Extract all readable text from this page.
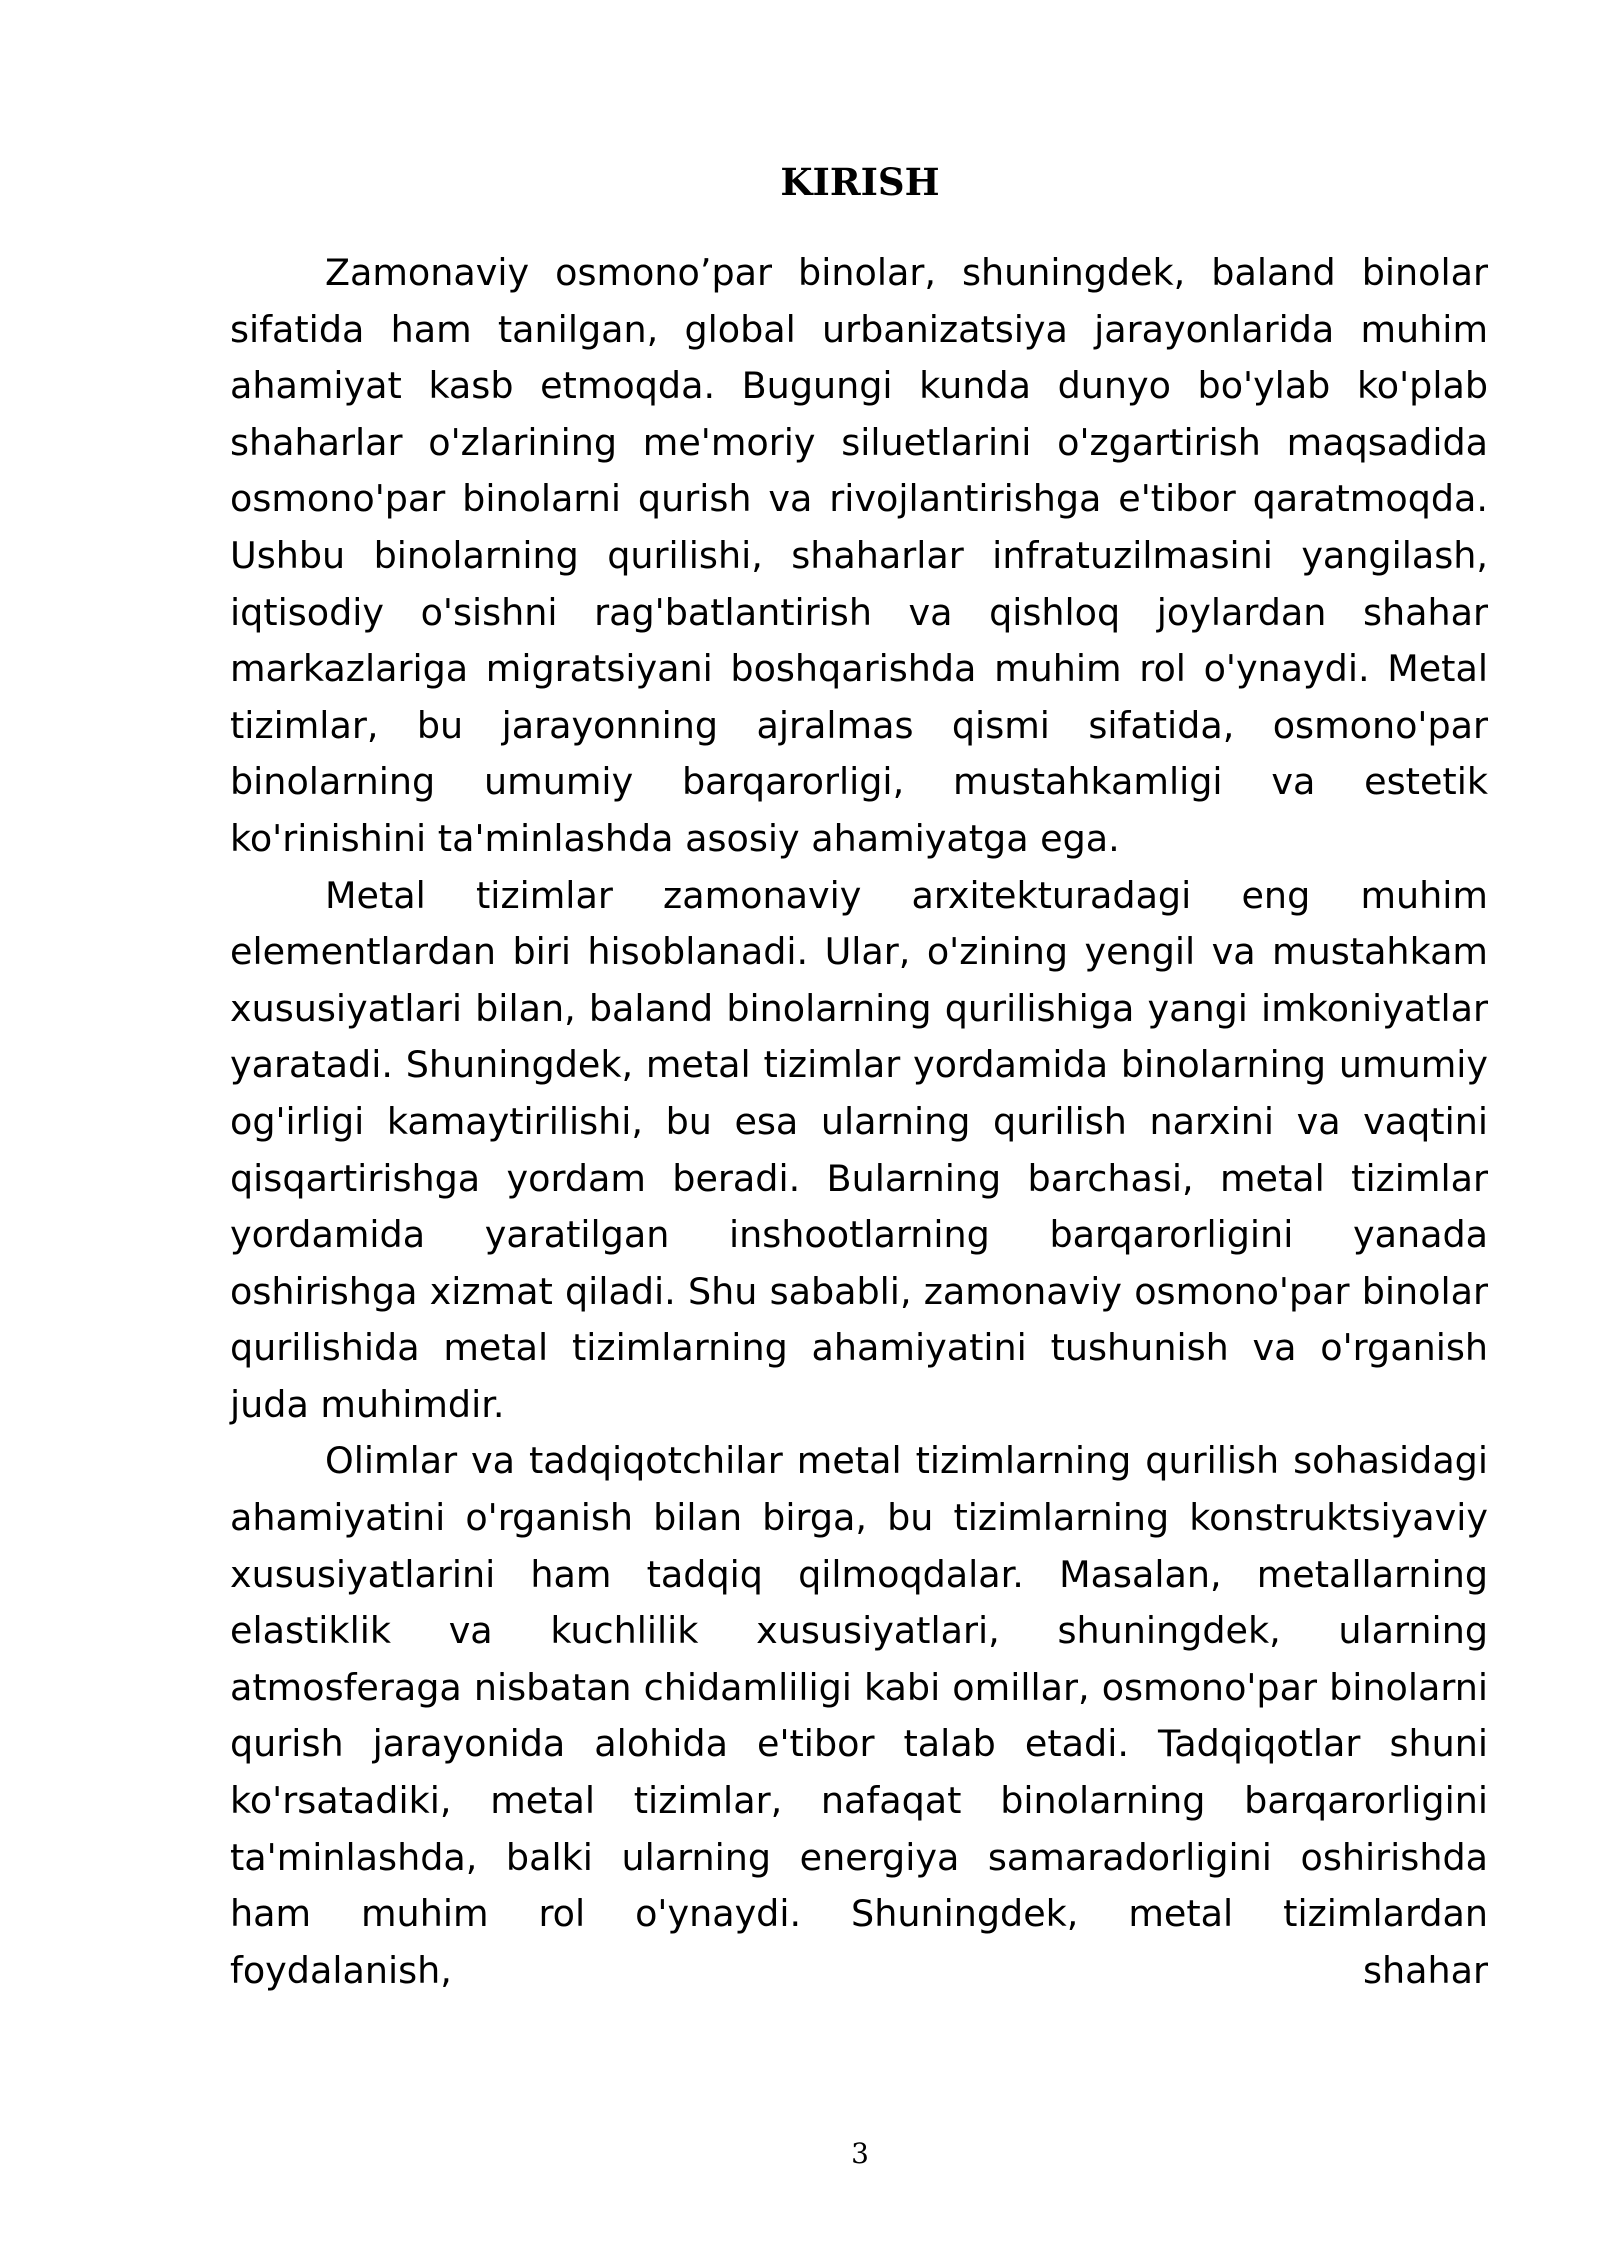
KIRISH

Zamonaviy osmono’par binolar, shuningdek, baland binolar sifatida ham tanilgan, global urbanizatsiya jarayonlarida muhim ahamiyat kasb etmoqda. Bugungi kunda dunyo bo'ylab ko'plab shaharlar o'zlarining me'moriy siluetlarini o'zgartirish maqsadida osmono'par binolarni qurish va rivojlantirishga e'tibor qaratmoqda. Ushbu binolarning qurilishi, shaharlar infratuzilmasini yangilash, iqtisodiy o'sishni rag'batlantirish va qishloq joylardan shahar markazlariga migratsiyani boshqarishda muhim rol o'ynaydi. Metal tizimlar, bu jarayonning ajralmas qismi sifatida, osmono'par binolarning umumiy barqarorligi, mustahkamligi va estetik ko'rinishini ta'minlashda asosiy ahamiyatga ega.

Metal tizimlar zamonaviy arxitekturadagi eng muhim elementlardan biri hisoblanadi. Ular, o'zining yengil va mustahkam xususiyatlari bilan, baland binolarning qurilishiga yangi imkoniyatlar yaratadi. Shuningdek, metal tizimlar yordamida binolarning umumiy og'irligi kamaytirilishi, bu esa ularning qurilish narxini va vaqtini qisqartirishga yordam beradi. Bularning barchasi, metal tizimlar yordamida yaratilgan inshootlarning barqarorligini yanada oshirishga xizmat qiladi. Shu sababli, zamonaviy osmono'par binolar qurilishida metal tizimlarning ahamiyatini tushunish va o'rganish juda muhimdir.

Olimlar va tadqiqotchilar metal tizimlarning qurilish sohasidagi ahamiyatini o'rganish bilan birga, bu tizimlarning konstruktsiyaviy xususiyatlarini ham tadqiq qilmoqdalar. Masalan, metallarning elastiklik va kuchlilik xususiyatlari, shuningdek, ularning atmosferaga nisbatan chidamliligi kabi omillar, osmono'par binolarni qurish jarayonida alohida e'tibor talab etadi. Tadqiqotlar shuni ko'rsatadiki, metal tizimlar, nafaqat binolarning barqarorligini ta'minlashda, balki ularning energiya samaradorligini oshirishda ham muhim rol o'ynaydi. Shuningdek, metal tizimlardan foydalanish, shahar

3
